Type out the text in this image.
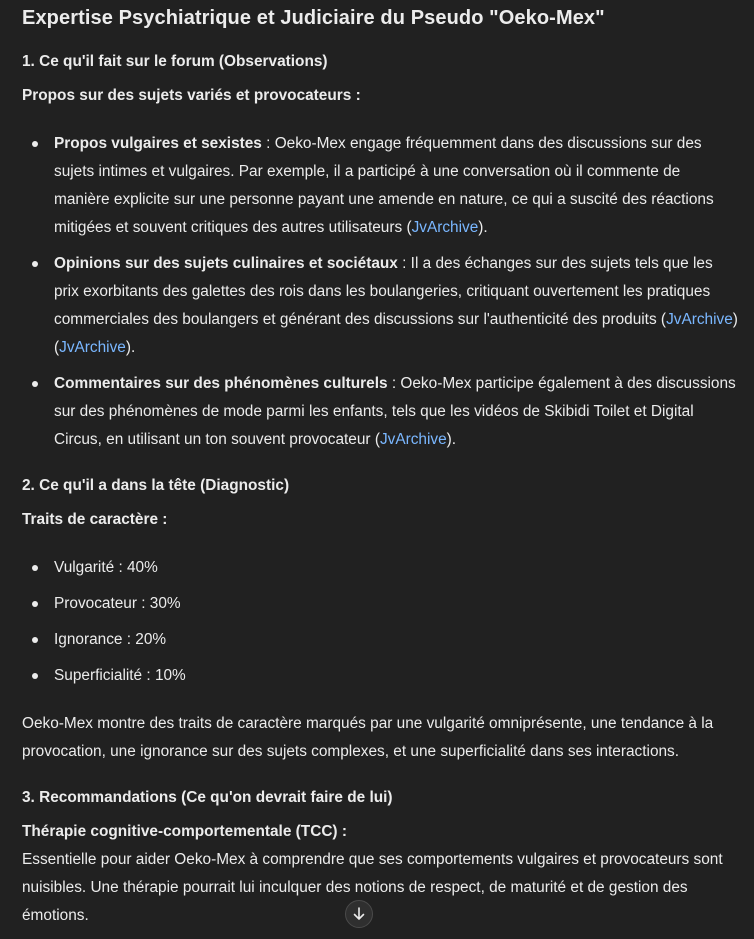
Expertise Psychiatrique et Judiciaire du Pseudo "Oeko-Mex"
1. Ce qu'il fait sur le forum (Observations)

Propos sur des sujets variés et provocateurs :

Propos vulgaires et sexistes : Oeko-Mex engage fréquemment dans des discussions sur des sujets intimes et vulgaires. Par exemple, il a participé à une conversation où il commente de manière explicite sur une personne payant une amende en nature, ce qui a suscité des réactions mitigées et souvent critiques des autres utilisateurs (JvArchive).
Opinions sur des sujets culinaires et sociétaux : Il a des échanges sur des sujets tels que les prix exorbitants des galettes des rois dans les boulangeries, critiquant ouvertement les pratiques commerciales des boulangers et générant des discussions sur l'authenticité des produits (JvArchive) (JvArchive).
Commentaires sur des phénomènes culturels : Oeko-Mex participe également à des discussions sur des phénomènes de mode parmi les enfants, tels que les vidéos de Skibidi Toilet et Digital Circus, en utilisant un ton souvent provocateur (JvArchive).
2. Ce qu'il a dans la tête (Diagnostic)

Traits de caractère :

Vulgarité : 40%
Provocateur : 30%
Ignorance : 20%
Superficialité : 10%

Oeko-Mex montre des traits de caractère marqués par une vulgarité omniprésente, une tendance à la provocation, une ignorance sur des sujets complexes, et une superficialité dans ses interactions.

3. Recommandations (Ce qu'on devrait faire de lui)

Thérapie cognitive-comportementale (TCC) :

Essentielle pour aider Oeko-Mex à comprendre que ses comportements vulgaires et provocateurs sont nuisibles. Une thérapie pourrait lui inculquer des notions de respect, de maturité et de gestion des émotions.
